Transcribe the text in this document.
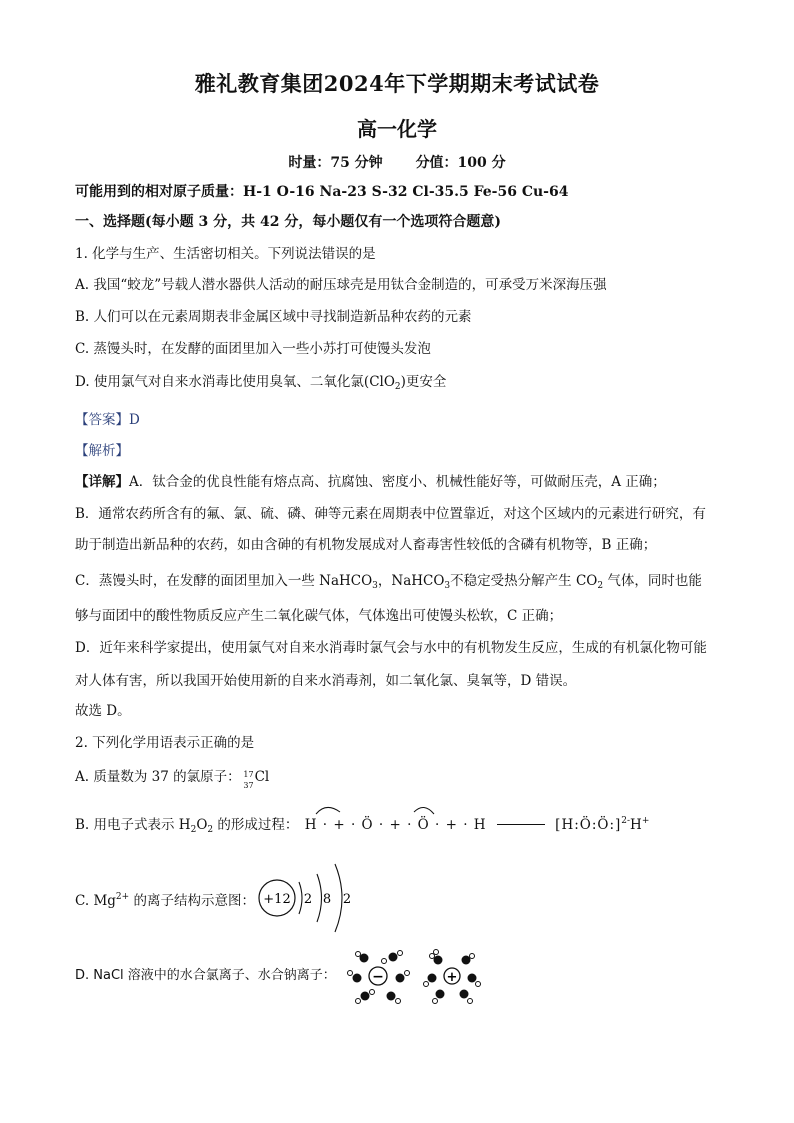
雅礼教育集团2024年下学期期末考试试卷
高一化学
时量：75 分钟 分值：100 分
可能用到的相对原子质量：H-1 O-16 Na-23 S-32 Cl-35.5 Fe-56 Cu-64
一、选择题(每小题 3 分，共 42 分，每小题仅有一个选项符合题意)
1. 化学与生产、生活密切相关。下列说法错误的是
A. 我国“蛟龙”号载人潜水器供人活动的耐压球壳是用钛合金制造的，可承受万米深海压强
B. 人们可以在元素周期表非金属区域中寻找制造新品种农药的元素
C. 蒸馒头时，在发酵的面团里加入一些小苏打可使馒头发泡
D. 使用氯气对自来水消毒比使用臭氧、二氧化氯(ClO$_2$)更安全
【答案】D
【解析】
【详解】A．钛合金的优良性能有熔点高、抗腐蚀、密度小、机械性能好等，可做耐压壳，A 正确；
B．通常农药所含有的氟、氯、硫、磷、砷等元素在周期表中位置靠近，对这个区域内的元素进行研究，有
助于制造出新品种的农药，如由含砷的有机物发展成对人畜毒害性较低的含磷有机物等，B 正确；
C．蒸馒头时，在发酵的面团里加入一些 NaHCO$_3$，NaHCO$_3$不稳定受热分解产生 $CO_2$ 气体，同时也能
够与面团中的酸性物质反应产生二氧化碳气体，气体逸出可使馒头松软，C 正确；
D．近年来科学家提出，使用氯气对自来水消毒时氯气会与水中的有机物发生反应，生成的有机氯化物可能
对人体有害，所以我国开始使用新的自来水消毒剂，如二氧化氯、臭氧等，D 错误。
故选 D。
2. 下列化学用语表示正确的是
A. 质量数为 37 的氯原子： 17
37 Cl
B. 用电子式表示 $H_2O_2$ 的形成过程： H · + · Ö · + · Ö · + · H	[H:Ö:Ö:]$^{2-}$H+
C. $Mg^{2+}$ 的离子结构示意图： +12 2 8 2
D. NaCl 溶液中的水合氯离子、水合钠离子：	−	+
